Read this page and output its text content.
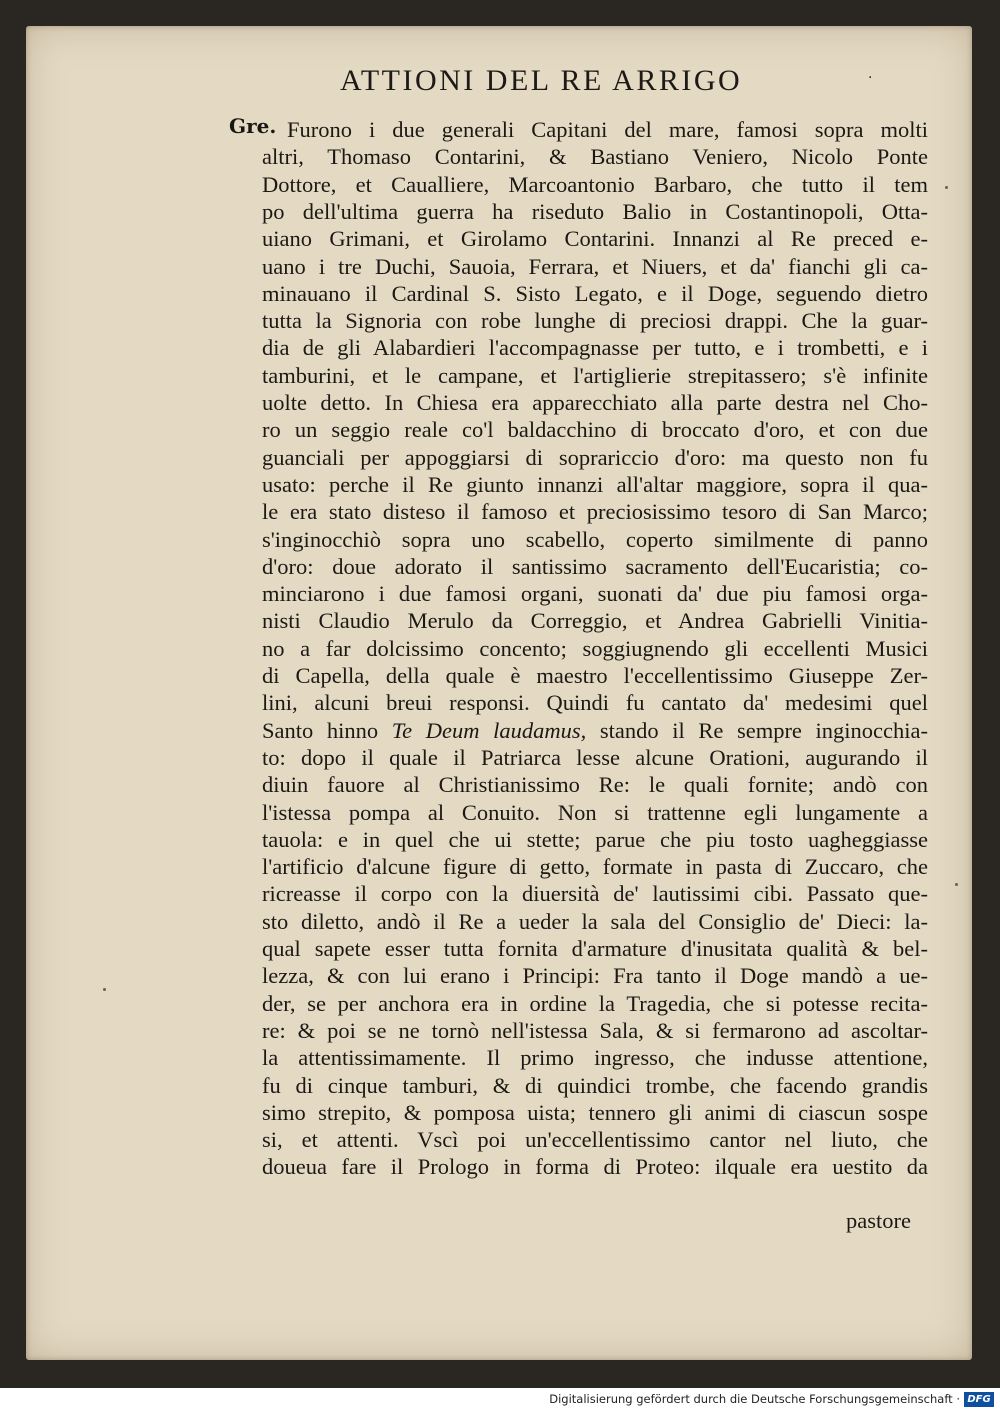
ATTIONI DEL RE ARRIGO	·
Gre. Furono i due generali Capitani del mare, famosi sopra molti
altri, Thomaso Contarini, & Bastiano Veniero, Nicolo Ponte
Dottore, et Caualliere, Marcoantonio Barbaro, che tutto il tem
po dell'ultima guerra ha riseduto Balio in Costantinopoli, Otta-
uiano Grimani, et Girolamo Contarini. Innanzi al Re preced e-
uano i tre Duchi, Sauoia, Ferrara, et Niuers, et da' fianchi gli ca-
minauano il Cardinal S. Sisto Legato, e il Doge, seguendo dietro
tutta la Signoria con robe lunghe di preciosi drappi. Che la guar-
dia de gli Alabardieri l'accompagnasse per tutto, e i trombetti, e i
tamburini, et le campane, et l'artiglierie strepitassero; s'è infinite
uolte detto. In Chiesa era apparecchiato alla parte destra nel Cho-
ro un seggio reale co'l baldacchino di broccato d'oro, et con due
guanciali per appoggiarsi di soprariccio d'oro: ma questo non fu
usato: perche il Re giunto innanzi all'altar maggiore, sopra il qua-
le era stato disteso il famoso et preciosissimo tesoro di San Marco;
s'inginocchiò sopra uno scabello, coperto similmente di panno
d'oro: doue adorato il santissimo sacramento dell'Eucaristia; co-
minciarono i due famosi organi, suonati da' due piu famosi orga-
nisti Claudio Merulo da Correggio, et Andrea Gabrielli Vinitia-
no a far dolcissimo concento; soggiugnendo gli eccellenti Musici
di Capella, della quale è maestro l'eccellentissimo Giuseppe Zer-
lini, alcuni breui responsi. Quindi fu cantato da' medesimi quel
Santo hinno Te Deum laudamus, stando il Re sempre inginocchia-
to: dopo il quale il Patriarca lesse alcune Orationi, augurando il
diuin fauore al Christianissimo Re: le quali fornite; andò con
l'istessa pompa al Conuito. Non si trattenne egli lungamente a
tauola: e in quel che ui stette; parue che piu tosto uagheggiasse
l'artificio d'alcune figure di getto, formate in pasta di Zuccaro, che
ricreasse il corpo con la diuersità de' lautissimi cibi. Passato que-
sto diletto, andò il Re a ueder la sala del Consiglio de' Dieci: la-
qual sapete esser tutta fornita d'armature d'inusitata qualità & bel-
lezza, & con lui erano i Principi: Fra tanto il Doge mandò a ue-
der, se per anchora era in ordine la Tragedia, che si potesse recita-
re: & poi se ne tornò nell'istessa Sala, & si fermarono ad ascoltar-
la attentissimamente. Il primo ingresso, che indusse attentione,
fu di cinque tamburi, & di quindici trombe, che facendo grandis
simo strepito, & pomposa uista; tennero gli animi di ciascun sospe
si, et attenti. Vscì poi un'eccellentissimo cantor nel liuto, che
doueua fare il Prologo in forma di Proteo: ilquale era uestito da
pastore
Digitalisierung gefördert durch die Deutsche Forschungsgemeinschaft · DFG
